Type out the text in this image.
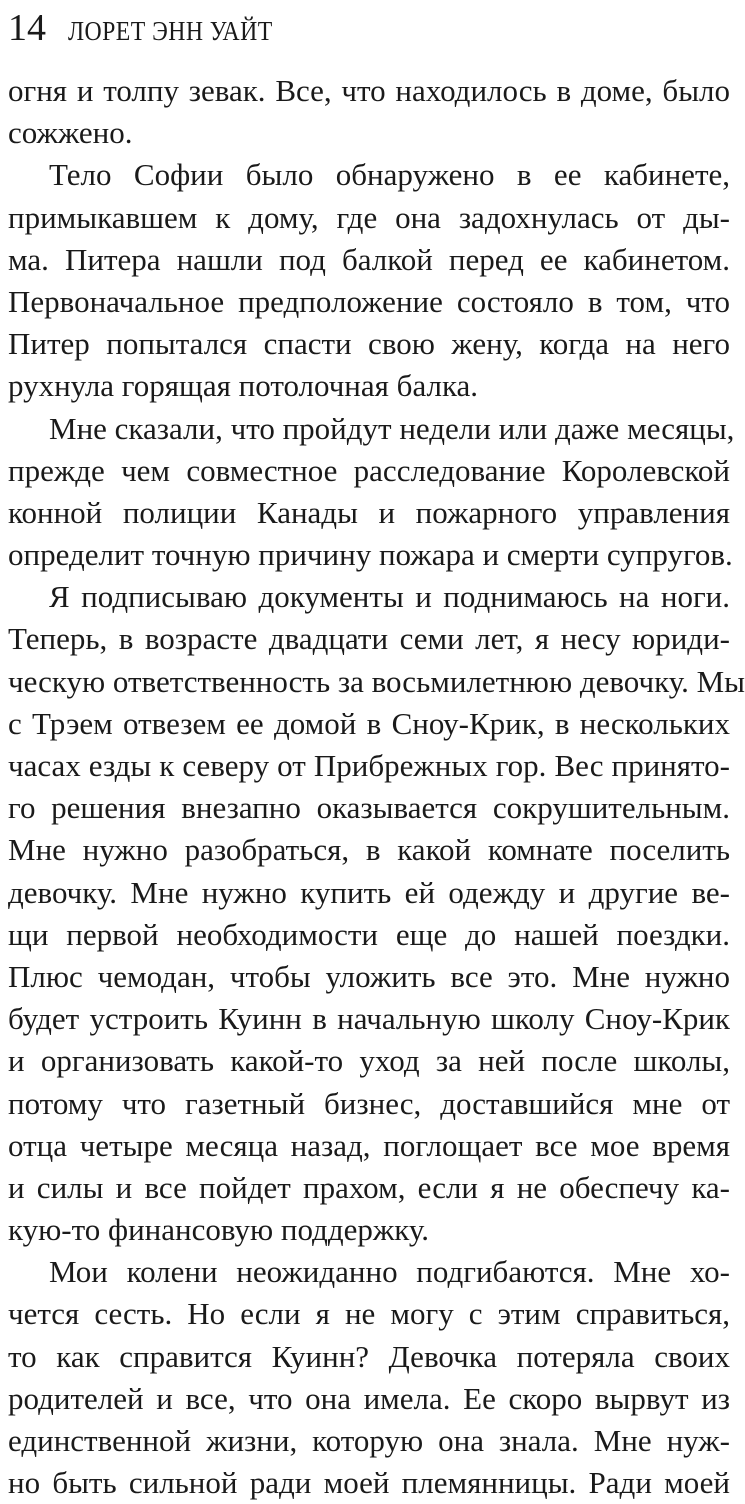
14 ЛОРЕТ ЭНН УАЙТ
огня и толпу зевак. Все, что находилось в доме, было
сожжено.
Тело Софии было обнаружено в ее кабинете,
примыкавшем к дому, где она задохнулась от ды-
ма. Питера нашли под балкой перед ее кабинетом.
Первоначальное предположение состояло в том, что
Питер попытался спасти свою жену, когда на него
рухнула горящая потолочная балка.
Мне сказали, что пройдут недели или даже месяцы,
прежде чем совместное расследование Королевской
конной полиции Канады и пожарного управления
определит точную причину пожара и смерти супругов.
Я подписываю документы и поднимаюсь на ноги.
Теперь, в возрасте двадцати семи лет, я несу юриди-
ческую ответственность за восьмилетнюю девочку. Мы
с Трэем отвезем ее домой в Сноу-Крик, в нескольких
часах езды к северу от Прибрежных гор. Вес принято-
го решения внезапно оказывается сокрушительным.
Мне нужно разобраться, в какой комнате поселить
девочку. Мне нужно купить ей одежду и другие ве-
щи первой необходимости еще до нашей поездки.
Плюс чемодан, чтобы уложить все это. Мне нужно
будет устроить Куинн в начальную школу Сноу-Крик
и организовать какой-то уход за ней после школы,
потому что газетный бизнес, доставшийся мне от
отца четыре месяца назад, поглощает все мое время
и силы и все пойдет прахом, если я не обеспечу ка-
кую-то финансовую поддержку.
Мои колени неожиданно подгибаются. Мне хо-
чется сесть. Но если я не могу с этим справиться,
то как справится Куинн? Девочка потеряла своих
родителей и все, что она имела. Ее скоро вырвут из
единственной жизни, которую она знала. Мне нуж-
но быть сильной ради моей племянницы. Ради моей
